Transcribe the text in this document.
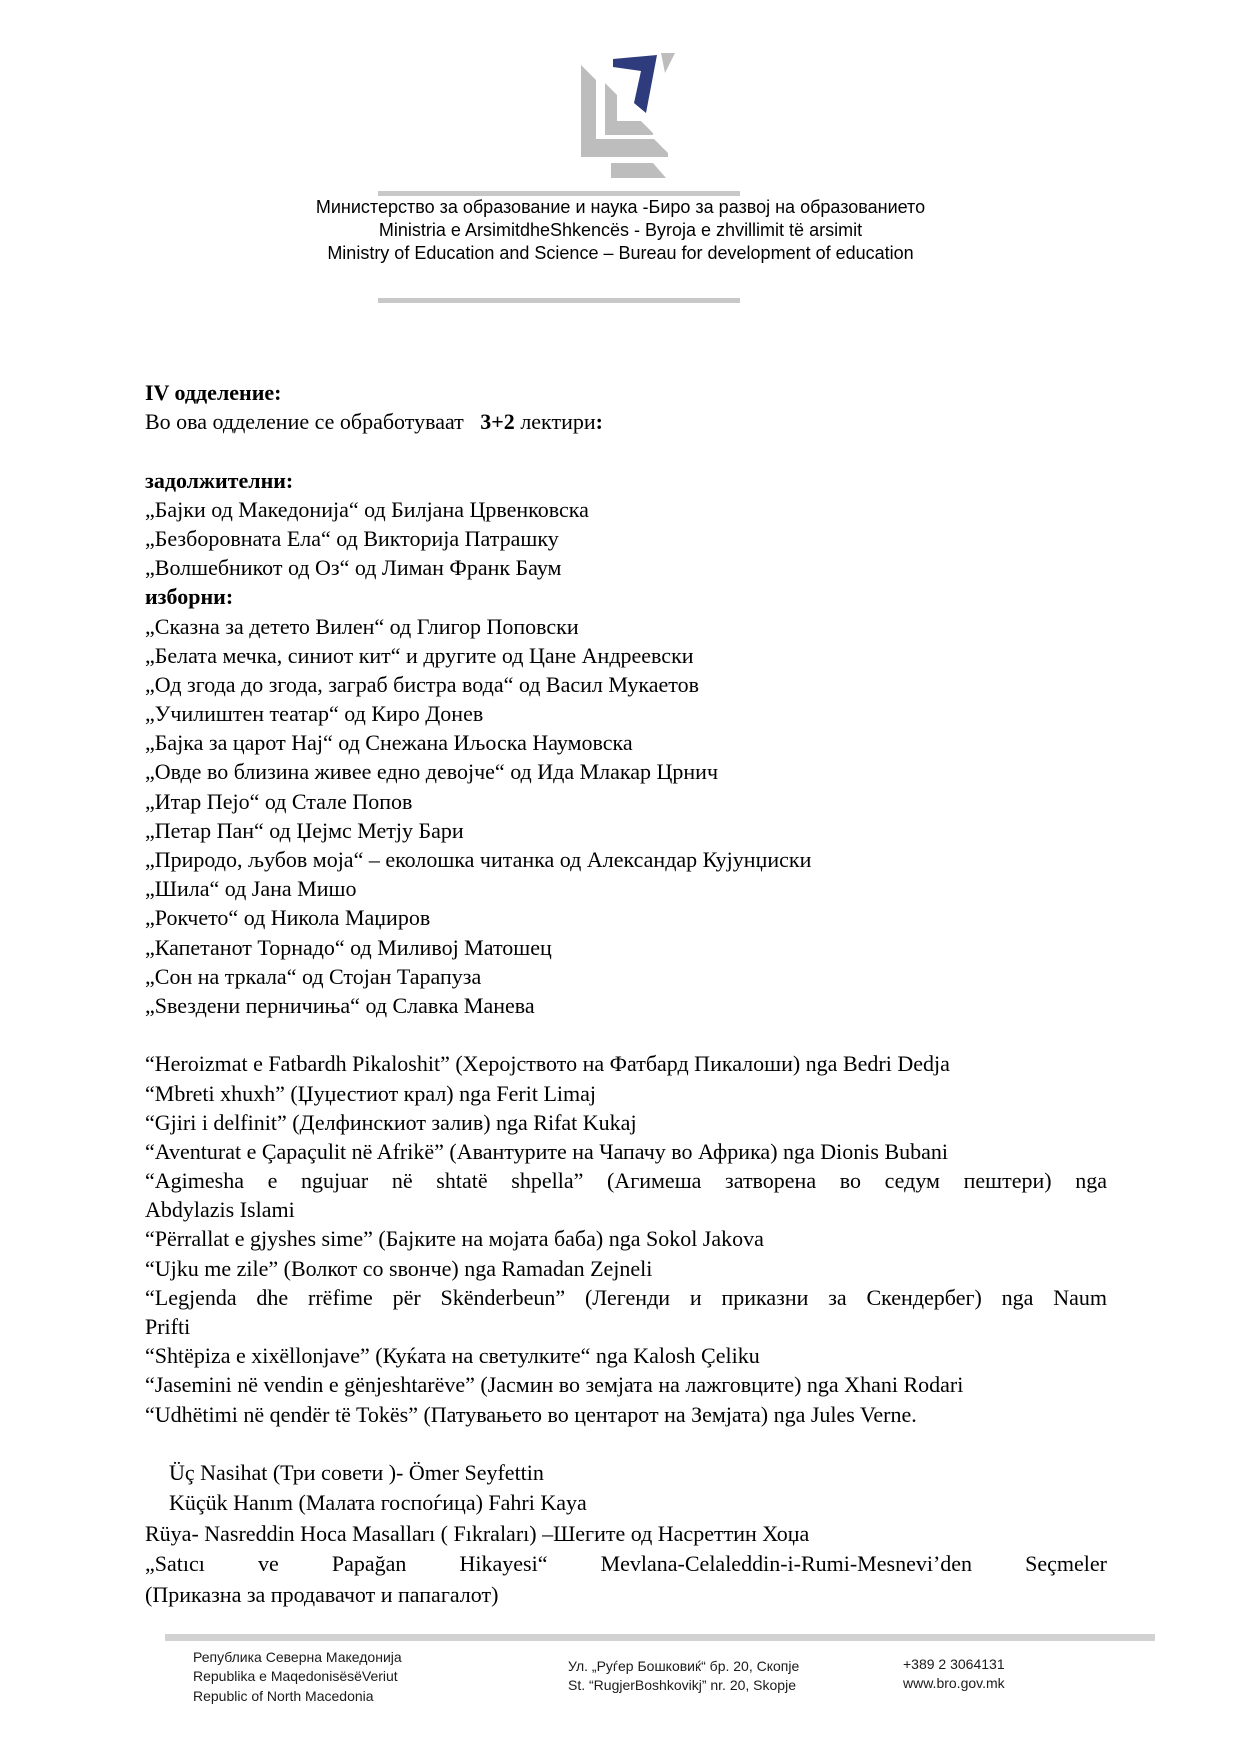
Министерство за образование и наука -Биро за развој на образованието
Ministria e ArsimitdheShkencës - Byroja e zhvillimit të arsimit
Ministry of Education and Science – Bureau for development of education
IV одделение:
Во ова одделение се обработуваат   3+2 лектири:

задолжителни:
„Бајки од Македонија“ од Билјана Црвенковска
„Безборовната Ела“ од Викторија Патрашку
„Волшебникот од Оз“ од Лиман Франк Баум
изборни:
„Сказна за детето Вилен“ од Глигор Поповски
„Белата мечка, синиот кит“ и другите од Цане Андреевски
„Од згода до згода, заграб бистра вода“ од Васил Мукаетов
„Училиштен театар“ од Киро Донев
„Бајка за царот Нај“ од Снежана Иљоска Наумовска
„Овде во близина живее едно девојче“ од Ида Млакар Црнич
„Итар Пејо“ од Стале Попов
„Петар Пан“ од Џејмс Метју Бари
„Природо, љубов моја“ – еколошка читанка од Александар Кујунџиски
„Шила“ од Јана Мишо
„Рокчето“ од Никола Маџиров
„Капетанот Торнадо“ од Миливој Матошец
„Сон на тркала“ од Стојан Тарапуза
„Ѕвездени перничиња“ од Славка Манева

“Heroizmat e Fatbardh Pikaloshit” (Херојството на Фатбард Пикалоши) nga Bedri Dedja
“Mbreti xhuxh” (Џуџестиот крал) nga Ferit Limaj
“Gjiri i delfinit” (Делфинскиот залив) nga Rifat Kukaj
“Aventurat e Çapaçulit në Afrikë” (Авантурите на Чапачу во Африка) nga Dionis Bubani
“Agimesha e ngujuar në shtatë shpella” (Агимеша затворена во седум пештери) nga
Abdylazis Islami
“Përrallat e gjyshes sime” (Бајките на мојата баба) nga Sokol Jakova
“Ujku me zile” (Волкот со ѕвонче) nga Ramadan Zejneli
“Legjenda dhe rrëfime për Skënderbeun” (Легенди и приказни за Скендербег) nga Naum
Prifti
“Shtëpiza e xixëllonjave” (Куќата на светулките“ nga Kalosh Çeliku
“Jasemini në vendin e gënjeshtarëve” (Јасмин во земјата на лажговците) nga Xhani Rodari
“Udhëtimi në qendër të Tokës” (Патувањето во центарот на Земјата) nga Jules Verne.

Üç Nasihat (Три совети )- Ömer Seyfettin
Küçük Hanım (Малата госпоѓица) Fahri Kaya
Rüya- Nasreddin Hoca Masalları ( Fıkraları) –Шегите од Насреттин Хоџа
„Satıcı ve Papağan Hikayesi“ Mevlana-Celaleddin-i-Rumi-Mesnevi’den Seçmeler
(Приказна за продавачот и папагалот)
Република Северна Македонија
Republika e MaqedonisësëVeriut
Republic of North Macedonia
Ул. „Руѓер Бошковиќ“ бр. 20, Скопје
St. “RugjerBoshkovikj” nr. 20, Skopje
+389 2 3064131
www.bro.gov.mk
